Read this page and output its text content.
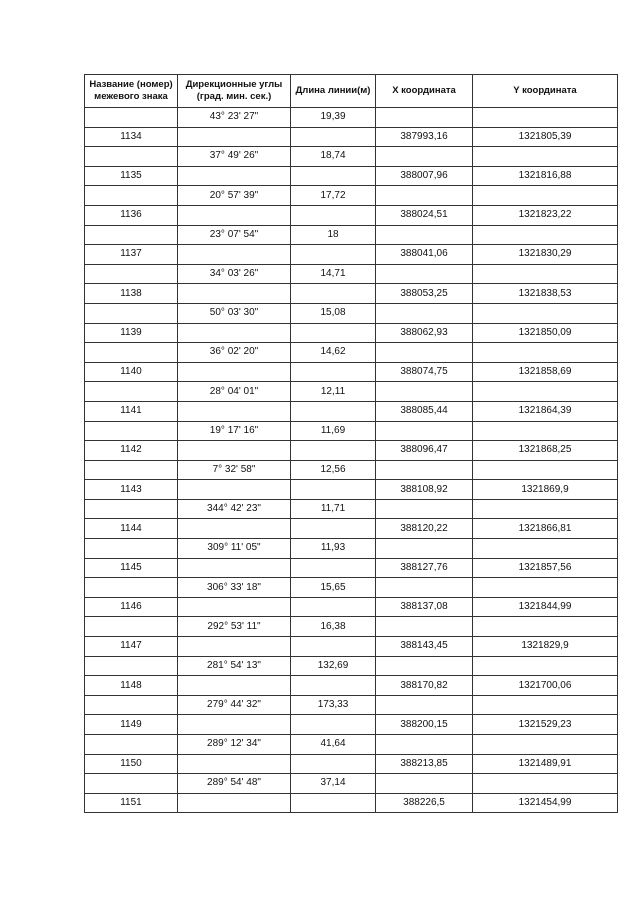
Название (номер) межевого знака	Дирекционные углы (град. мин. сек.)	Длина линии(м)	X координата	Y координата
	43° 23' 27"	19,39		
1134			387993,16	1321805,39
	37° 49' 26"	18,74		
1135			388007,96	1321816,88
	20° 57' 39"	17,72		
1136			388024,51	1321823,22
	23° 07' 54"	18		
1137			388041,06	1321830,29
	34° 03' 26"	14,71		
1138			388053,25	1321838,53
	50° 03' 30"	15,08		
1139			388062,93	1321850,09
	36° 02' 20"	14,62		
1140			388074,75	1321858,69
	28° 04' 01"	12,11		
1141			388085,44	1321864,39
	19° 17' 16"	11,69		
1142			388096,47	1321868,25
	7° 32' 58"	12,56		
1143			388108,92	1321869,9
	344° 42' 23"	11,71		
1144			388120,22	1321866,81
	309° 11' 05"	11,93		
1145			388127,76	1321857,56
	306° 33' 18"	15,65		
1146			388137,08	1321844,99
	292° 53' 11"	16,38		
1147			388143,45	1321829,9
	281° 54' 13"	132,69		
1148			388170,82	1321700,06
	279° 44' 32"	173,33		
1149			388200,15	1321529,23
	289° 12' 34"	41,64		
1150			388213,85	1321489,91
	289° 54' 48"	37,14		
1151			388226,5	1321454,99
